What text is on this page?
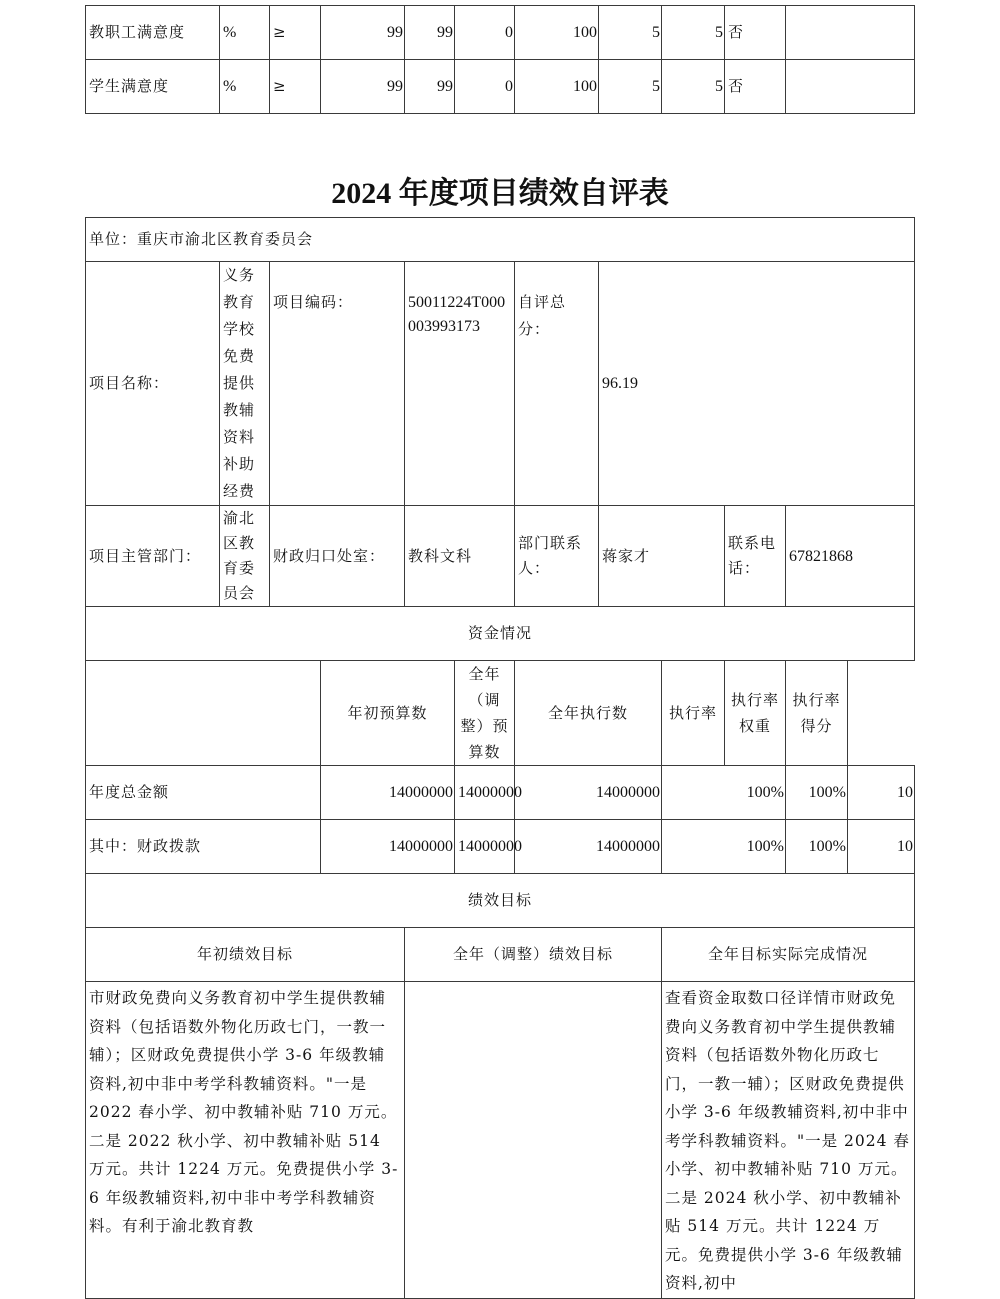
教职工满意度	%	≥	99	99	0	100	5	5	否	
学生满意度	%	≥	99	99	0	100	5	5	否	
2024 年度项目绩效自评表
单位：重庆市渝北区教育委员会											
项目名称：	义务教育学校免费提供教辅资料补助经费	项目编码：		50011224T000003993173		自评总分：	96.19				
项目主管部门：	渝北区教育委员会	财政归口处室：		教科文科		部门联系人：	蒋家才		联系电话：	67821868	
资金情况											
			年初预算数		全年（调整）预算数	全年执行数		执行率	执行率权重	执行率得分	
年度总金额			14000000		14000000	14000000		100%		100%	10
其中：财政拨款			14000000		14000000	14000000		100%		100%	10
绩效目标											
年初绩效目标				全年（调整）绩效目标				全年目标实际完成情况			
市财政免费向义务教育初中学生提供教辅资料（包括语数外物化历政七门，一教一辅）；区财政免费提供小学 3-6 年级教辅资料,初中非中考学科教辅资料。"一是 2022 春小学、初中教辅补贴 710 万元。二是 2022 秋小学、初中教辅补贴 514 万元。共计 1224 万元。免费提供小学 3-6 年级教辅资料,初中非中考学科教辅资料。有利于渝北教育教								查看资金取数口径详情市财政免费向义务教育初中学生提供教辅资料（包括语数外物化历政七门，一教一辅）；区财政免费提供小学 3-6 年级教辅资料,初中非中考学科教辅资料。"一是 2024 春小学、初中教辅补贴 710 万元。二是 2024 秋小学、初中教辅补贴 514 万元。共计 1224 万元。免费提供小学 3-6 年级教辅资料,初中			
